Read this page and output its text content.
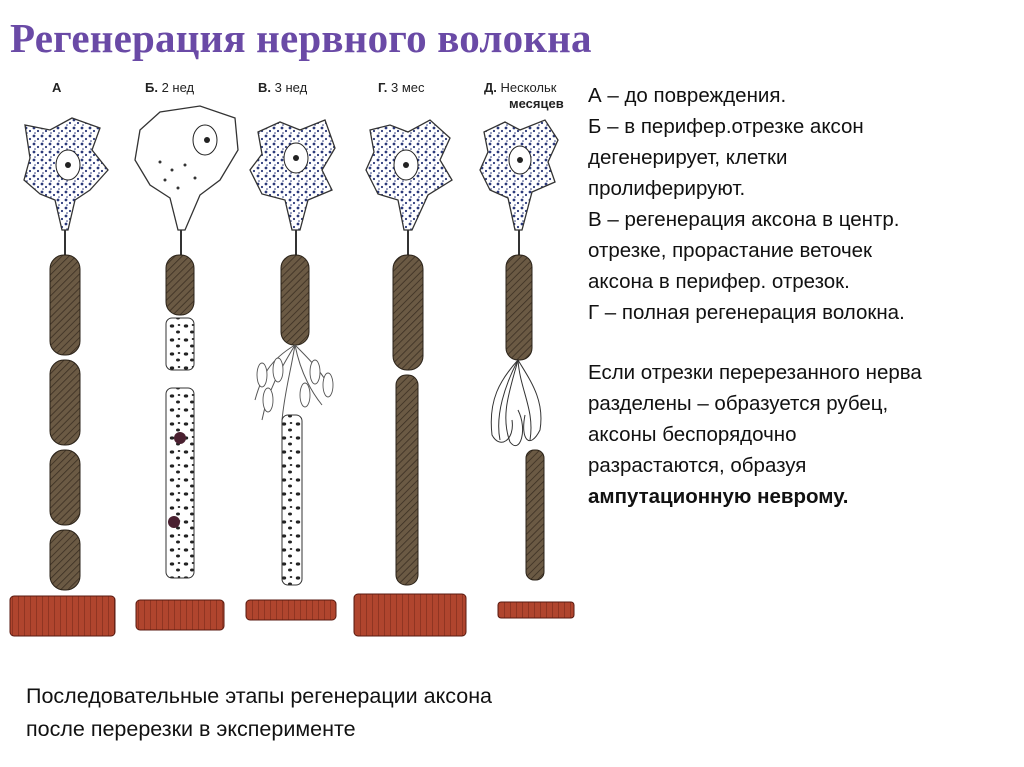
Регенерация нервного волокна
А	Б. 2 нед	В. 3 нед	Г. 3 мес	Д. Нескольк
месяцев А – до повреждения.

Б – в перифер.отрезке аксон

дегенерирует, клетки

пролиферируют.

В – регенерация аксона в центр.

отрезке, прорастание веточек

аксона в перифер. отрезок.

Г – полная регенерация волокна.

Если отрезки перерезанного нерва

разделены – образуется рубец,

аксоны беспорядочно

разрастаются, образуя

ампутационную неврому.

Последовательные этапы регенерации аксона
после перерезки в эксперименте
